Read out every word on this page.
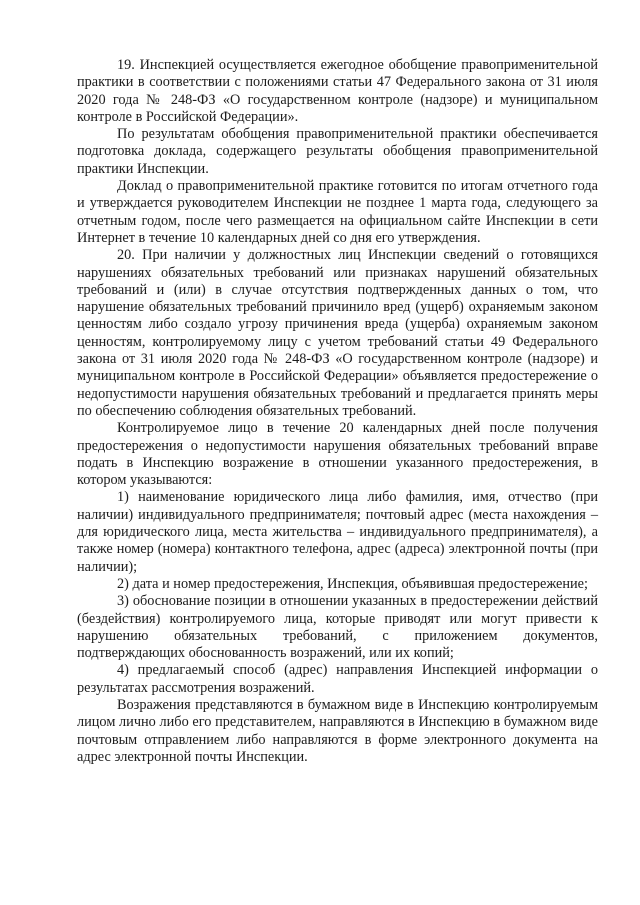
19. Инспекцией осуществляется ежегодное обобщение правоприменительной практики в соответствии с положениями статьи 47 Федерального закона от 31 июля 2020 года № 248-ФЗ «О государственном контроле (надзоре) и муниципальном контроле в Российской Федерации».

По результатам обобщения правоприменительной практики обеспечивается подготовка доклада, содержащего результаты обобщения правоприменительной практики Инспекции.

Доклад о правоприменительной практике готовится по итогам отчетного года и утверждается руководителем Инспекции не позднее 1 марта года, следующего за отчетным годом, после чего размещается на официальном сайте Инспекции в сети Интернет в течение 10 календарных дней со дня его утверждения.

20. При наличии у должностных лиц Инспекции сведений о готовящихся нарушениях обязательных требований или признаках нарушений обязательных требований и (или) в случае отсутствия подтвержденных данных о том, что нарушение обязательных требований причинило вред (ущерб) охраняемым законом ценностям либо создало угрозу причинения вреда (ущерба) охраняемым законом ценностям, контролируемому лицу с учетом требований статьи 49 Федерального закона от 31 июля 2020 года № 248-ФЗ «О государственном контроле (надзоре) и муниципальном контроле в Российской Федерации» объявляется предостережение о недопустимости нарушения обязательных требований и предлагается принять меры по обеспечению соблюдения обязательных требований.

Контролируемое лицо в течение 20 календарных дней после получения предостережения о недопустимости нарушения обязательных требований вправе подать в Инспекцию возражение в отношении указанного предостережения, в котором указываются:

1) наименование юридического лица либо фамилия, имя, отчество (при наличии) индивидуального предпринимателя; почтовый адрес (места нахождения – для юридического лица, места жительства – индивидуального предпринимателя), а также номер (номера) контактного телефона, адрес (адреса) электронной почты (при наличии);

2) дата и номер предостережения, Инспекция, объявившая предостережение;

3) обоснование позиции в отношении указанных в предостережении действий (бездействия) контролируемого лица, которые приводят или могут привести к нарушению обязательных требований, с приложением документов, подтверждающих обоснованность возражений, или их копий;

4) предлагаемый способ (адрес) направления Инспекцией информации о результатах рассмотрения возражений.

Возражения представляются в бумажном виде в Инспекцию контролируемым лицом лично либо его представителем, направляются в Инспекцию в бумажном виде почтовым отправлением либо направляются в форме электронного документа на адрес электронной почты Инспекции.
